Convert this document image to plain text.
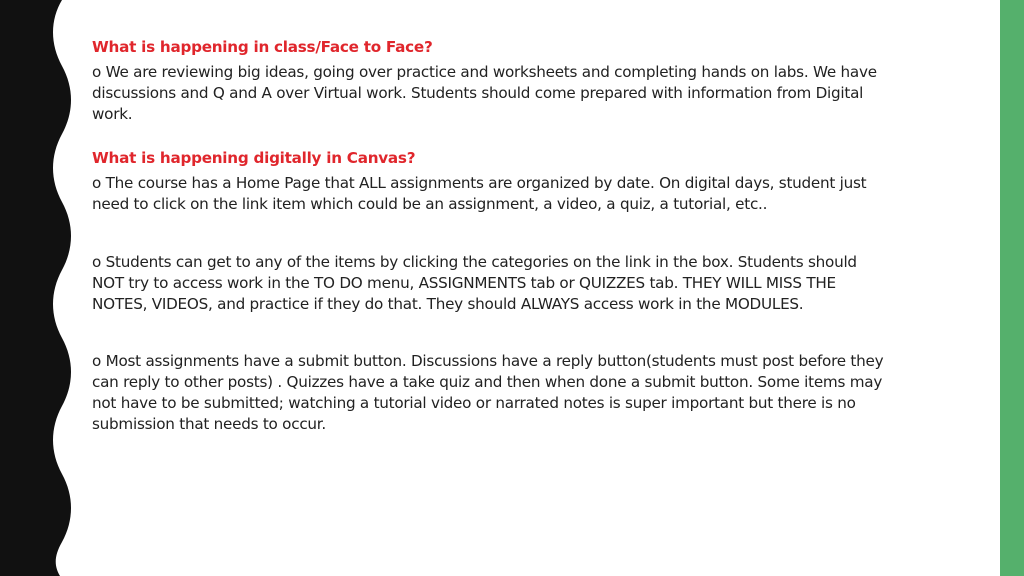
What is happening in class/Face to Face?

o We are reviewing big ideas, going over practice and worksheets and completing hands on labs. We have discussions and Q and A over Virtual work. Students should come prepared with information from Digital work.

What is happening digitally in Canvas?

o The course has a Home Page that ALL assignments are organized by date. On digital days, student just need to click on the link item which could be an assignment, a video, a quiz, a tutorial, etc..

o Students can get to any of the items by clicking the categories on the link in the box. Students should NOT try to access work in the TO DO menu, ASSIGNMENTS tab or QUIZZES tab. THEY WILL MISS THE NOTES, VIDEOS, and practice if they do that. They should ALWAYS access work in the MODULES.

o Most assignments have a submit button. Discussions have a reply button(students must post before they can reply to other posts) . Quizzes have a take quiz and then when done a submit button. Some items may not have to be submitted; watching a tutorial video or narrated notes is super important but there is no submission that needs to occur.
